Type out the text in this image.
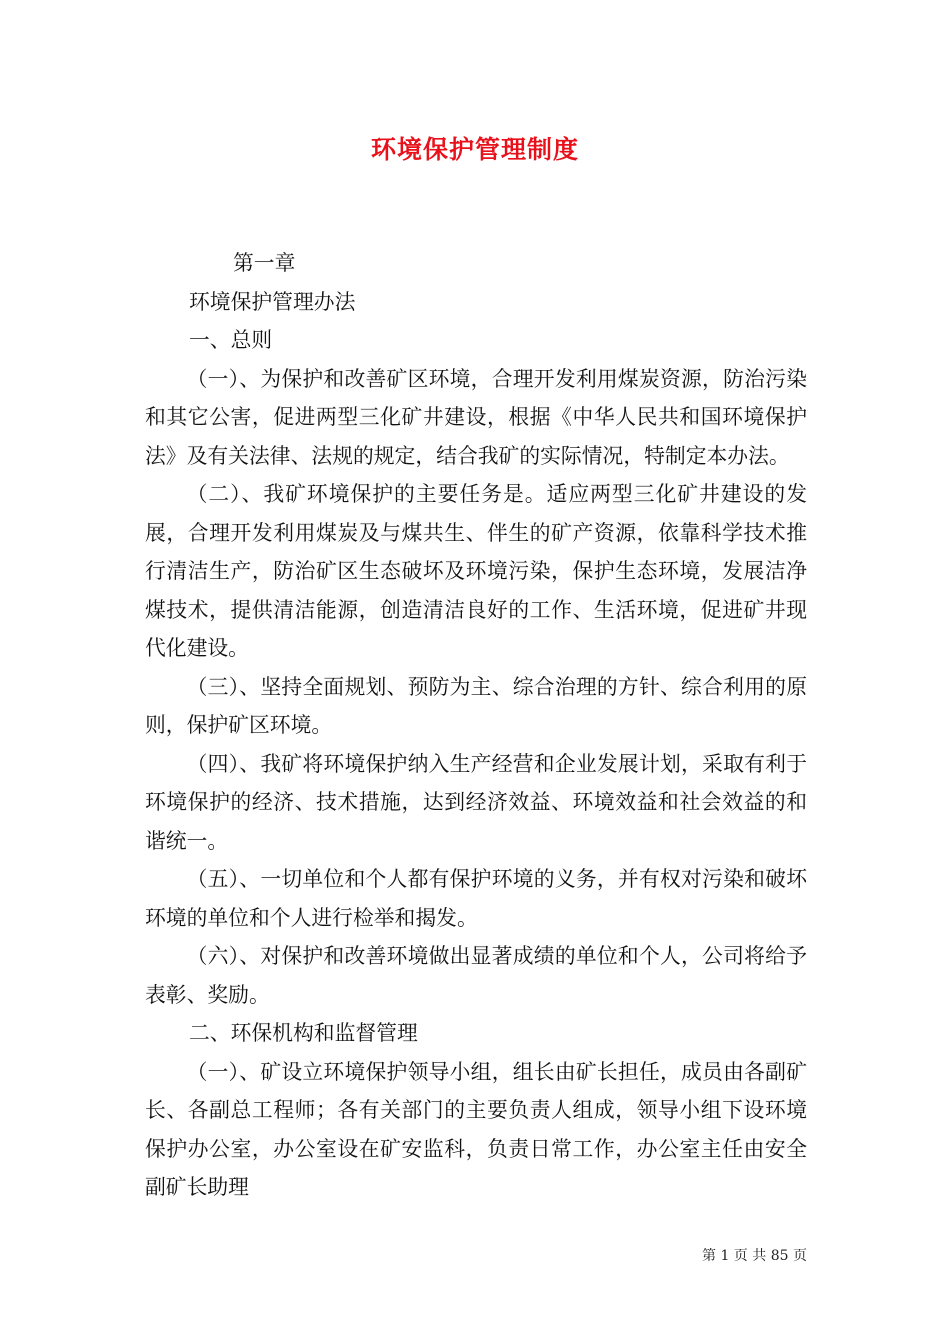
环境保护管理制度

第一章

环境保护管理办法

一、总则

（一）、为保护和改善矿区环境，合理开发利用煤炭资源，防治污染和其它公害，促进两型三化矿井建设，根据《中华人民共和国环境保护法》及有关法律、法规的规定，结合我矿的实际情况，特制定本办法。

（二）、我矿环境保护的主要任务是。适应两型三化矿井建设的发展，合理开发利用煤炭及与煤共生、伴生的矿产资源，依靠科学技术推行清洁生产，防治矿区生态破坏及环境污染，保护生态环境，发展洁净煤技术，提供清洁能源，创造清洁良好的工作、生活环境，促进矿井现代化建设。

（三）、坚持全面规划、预防为主、综合治理的方针、综合利用的原则，保护矿区环境。

（四）、我矿将环境保护纳入生产经营和企业发展计划，采取有利于环境保护的经济、技术措施，达到经济效益、环境效益和社会效益的和谐统一。

（五）、一切单位和个人都有保护环境的义务，并有权对污染和破坏环境的单位和个人进行检举和揭发。

（六）、对保护和改善环境做出显著成绩的单位和个人，公司将给予表彰、奖励。

二、环保机构和监督管理

（一）、矿设立环境保护领导小组，组长由矿长担任，成员由各副矿长、各副总工程师；各有关部门的主要负责人组成，领导小组下设环境保护办公室，办公室设在矿安监科，负责日常工作，办公室主任由安全副矿长助理

第 1 页 共 85 页
